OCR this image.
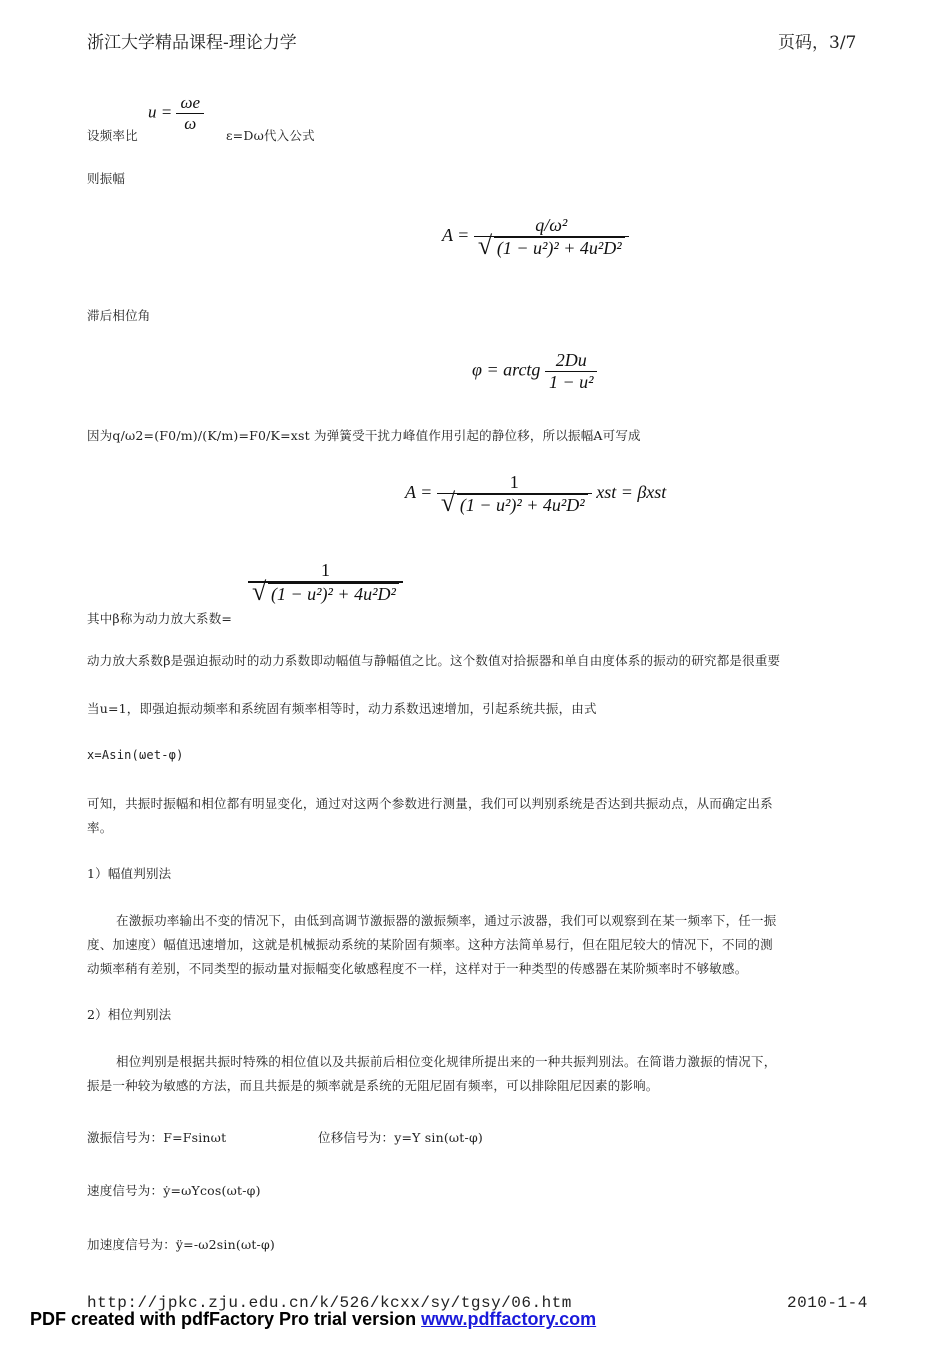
浙江大学精品课程-理论力学	页码，3/7
$u = \frac{\omega e}{\omega}$
设频率比	ε=Dω代入公式
则振幅
$A = \frac{\text{q/ω²}}{\text{√ (1 − u²)² + 4u²D²}}$
滞后相位角
φ = arctg $\frac{2Du}{\text{1 − u²}}$
因为q/ω2=(F0/m)/(K/m)=F0/K=xst 为弹簧受干扰力峰值作用引起的静位移，所以振幅A可写成
$A = \frac{1}{\text{√ (1 − u²)² + 4u²D²}}$ xst = βxst
$\frac{1}{\text{√ (1 − u²)² + 4u²D²}}$
其中β称为动力放大系数=
动力放大系数β是强迫振动时的动力系数即动幅值与静幅值之比。这个数值对拾振器和单自由度体系的振动的研究都是很重要
当u=1，即强迫振动频率和系统固有频率相等时，动力系数迅速增加，引起系统共振，由式
x=Asin(ωet-φ)
可知，共振时振幅和相位都有明显变化，通过对这两个参数进行测量，我们可以判别系统是否达到共振动点，从而确定出系
率。
1）幅值判别法
在激振功率输出不变的情况下，由低到高调节激振器的激振频率，通过示波器，我们可以观察到在某一频率下，任一振
度、加速度）幅值迅速增加，这就是机械振动系统的某阶固有频率。这种方法简单易行，但在阻尼较大的情况下，不同的测
动频率稍有差别，不同类型的振动量对振幅变化敏感程度不一样，这样对于一种类型的传感器在某阶频率时不够敏感。
2）相位判别法
相位判别是根据共振时特殊的相位值以及共振前后相位变化规律所提出来的一种共振判别法。在简谐力激振的情况下，
振是一种较为敏感的方法，而且共振是的频率就是系统的无阻尼固有频率，可以排除阻尼因素的影响。
激振信号为：F=Fsinωt	位移信号为：y=Y sin(ωt-φ)
速度信号为：ẏ=ωYcos(ωt-φ)
加速度信号为：ÿ=-ω2sin(ωt-φ)
http://jpkc.zju.edu.cn/k/526/kcxx/sy/tgsy/06.htm	2010-1-4
PDF created with pdfFactory Pro trial version www.pdffactory.com
